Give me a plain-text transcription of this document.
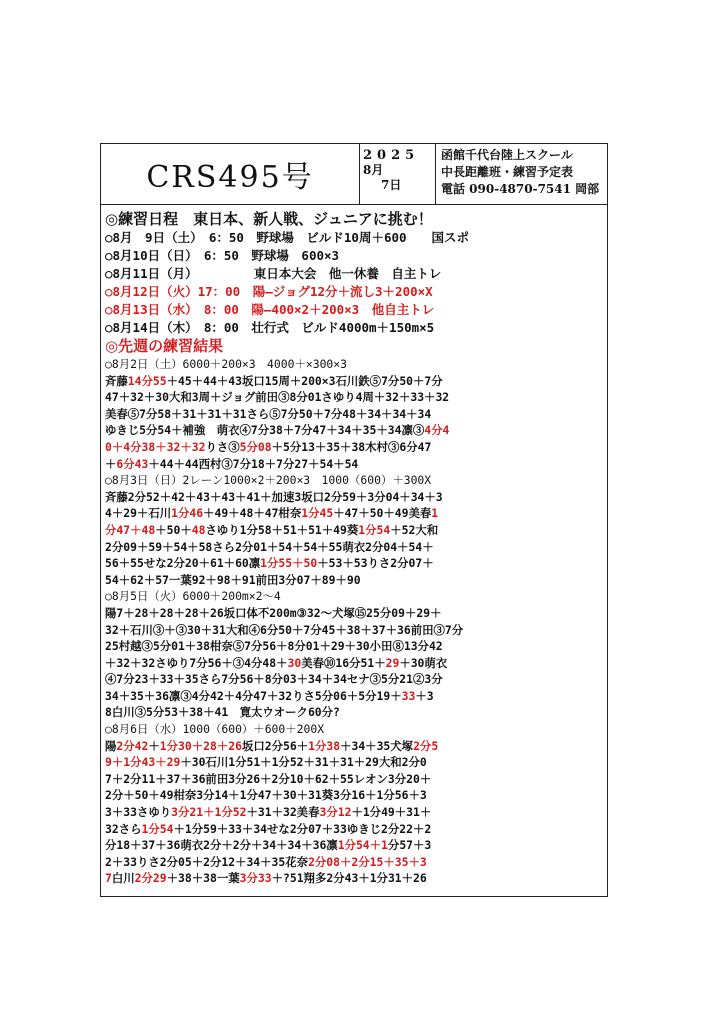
CRS495号
2025
8月
7日
函館千代台陸上スクール
中長距離班・練習予定表
電話 090-4870-7541 岡部
◎練習日程　東日本、新人戦、ジュニアに挑む！
○8月　9日（土）　6：50　野球場　ビルド10周＋600　　国スポ
○8月10日（日）　6：50　野球場　600×3
○8月11日（月）　　　　　東日本大会　他一休養　自主トレ
○8月12日（火）17：00　陽―ジョグ12分＋流し3＋200×X
○8月13日（水）　8：00　陽―400×2＋200×3　他自主トレ
○8月14日（木）　8：00　壮行式　ビルド4000m＋150m×5
◎先週の練習結果
○8月2日（土）6000＋200×3　4000＋×300×3
斉藤14分55＋45＋44＋43坂口15周＋200×3石川鉄⑤7分50＋7分
47＋32＋30大和3周＋ジョグ前田③8分01さゆり4周＋32＋33＋32
美春⑤7分58＋31＋31＋31さら⑤7分50＋7分48＋34＋34＋34
ゆきじ5分54＋補強　萌衣④7分38＋7分47＋34＋35＋34凛③4分4
0＋4分38＋32＋32りさ③5分08＋5分13＋35＋38木村③6分47
＋6分43＋44＋44西村③7分18＋7分27＋54＋54
○8月3日（日）2レーン1000×2＋200×3　1000（600）＋300X
斉藤2分52＋42＋43＋43＋41＋加速3坂口2分59＋3分04＋34＋3
4＋29＋石川1分46＋49＋48＋47柑奈1分45＋47＋50＋49美春1
分47＋48＋50＋48さゆり1分58＋51＋51＋49葵1分54＋52大和
2分09＋59＋54＋58さら2分01＋54＋54＋55萌衣2分04＋54＋
56＋55せな2分20＋61＋60凛1分55＋50＋53＋53りさ2分07＋
54＋62＋57一葉92＋98＋91前田3分07＋89＋90
○8月5日（火）6000＋200m×2～4
陽7＋28＋28＋28＋26坂口体不200m③32～犬塚⑮25分09＋29＋
32＋石川③＋③30＋31大和④6分50＋7分45＋38＋37＋36前田③7分
25村越③5分01＋38柑奈⑤7分56＋8分01＋29＋30小田⑧13分42
＋32＋32さゆり7分56＋③4分48＋30美春⑩16分51＋29＋30萌衣
④7分23＋33＋35さら7分56＋8分03＋34＋34セナ③5分21②3分
34＋35＋36凛③4分42＋4分47＋32りさ5分06＋5分19＋33＋3
8白川③5分53＋38＋41　寛太ウオーク60分?
○8月6日（水）1000（600）＋600＋200X
陽2分42＋1分30＋28＋26坂口2分56＋1分38＋34＋35犬塚2分5
9＋1分43＋29＋30石川1分51＋1分52＋31＋31＋29大和2分0
7＋2分11＋37＋36前田3分26＋2分10＋62＋55レオン3分20＋
2分＋50＋49柑奈3分14＋1分47＋30＋31葵3分16＋1分56＋3
3＋33さゆり3分21＋1分52＋31＋32美春3分12＋1分49＋31＋
32さら1分54＋1分59＋33＋34せな2分07＋33ゆきじ2分22＋2
分18＋37＋36萌衣2分＋2分＋34＋34＋36凛1分54＋1分57＋3
2＋33りさ2分05＋2分12＋34＋35花奈2分08＋2分15＋35＋3
7白川2分29＋38＋38一葉3分33＋?51翔多2分43＋1分31＋26
